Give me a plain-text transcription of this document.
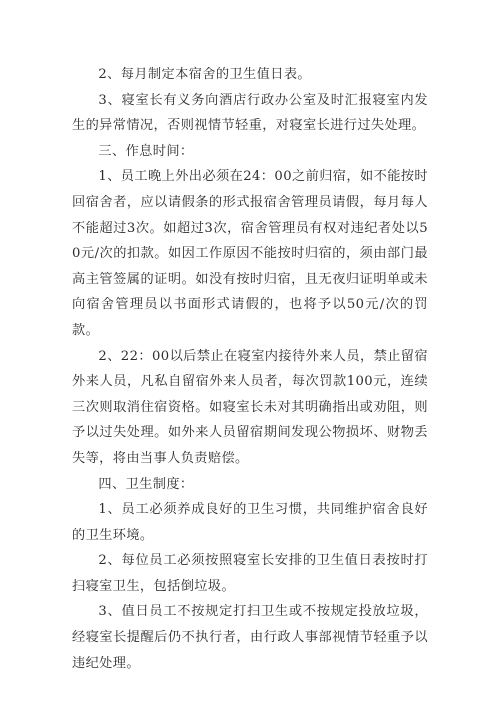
2、每月制定本宿舍的卫生值日表。

3、寝室长有义务向酒店行政办公室及时汇报寝室内发生的异常情况，否则视情节轻重，对寝室长进行过失处理。

三、作息时间：

1、员工晚上外出必须在24：00之前归宿，如不能按时回宿舍者，应以请假条的形式报宿舍管理员请假，每月每人不能超过3次。如超过3次，宿舍管理员有权对违纪者处以50元/次的扣款。如因工作原因不能按时归宿的，须由部门最高主管签属的证明。如没有按时归宿，且无夜归证明单或未向宿舍管理员以书面形式请假的，也将予以50元/次的罚款。

2、22：00以后禁止在寝室内接待外来人员，禁止留宿外来人员，凡私自留宿外来人员者，每次罚款100元，连续三次则取消住宿资格。如寝室长未对其明确指出或劝阻，则予以过失处理。如外来人员留宿期间发现公物损坏、财物丢失等，将由当事人负责赔偿。

四、卫生制度：

1、员工必须养成良好的卫生习惯，共同维护宿舍良好的卫生环境。

2、每位员工必须按照寝室长安排的卫生值日表按时打扫寝室卫生，包括倒垃圾。

3、值日员工不按规定打扫卫生或不按规定投放垃圾，经寝室长提醒后仍不执行者，由行政人事部视情节轻重予以违纪处理。
